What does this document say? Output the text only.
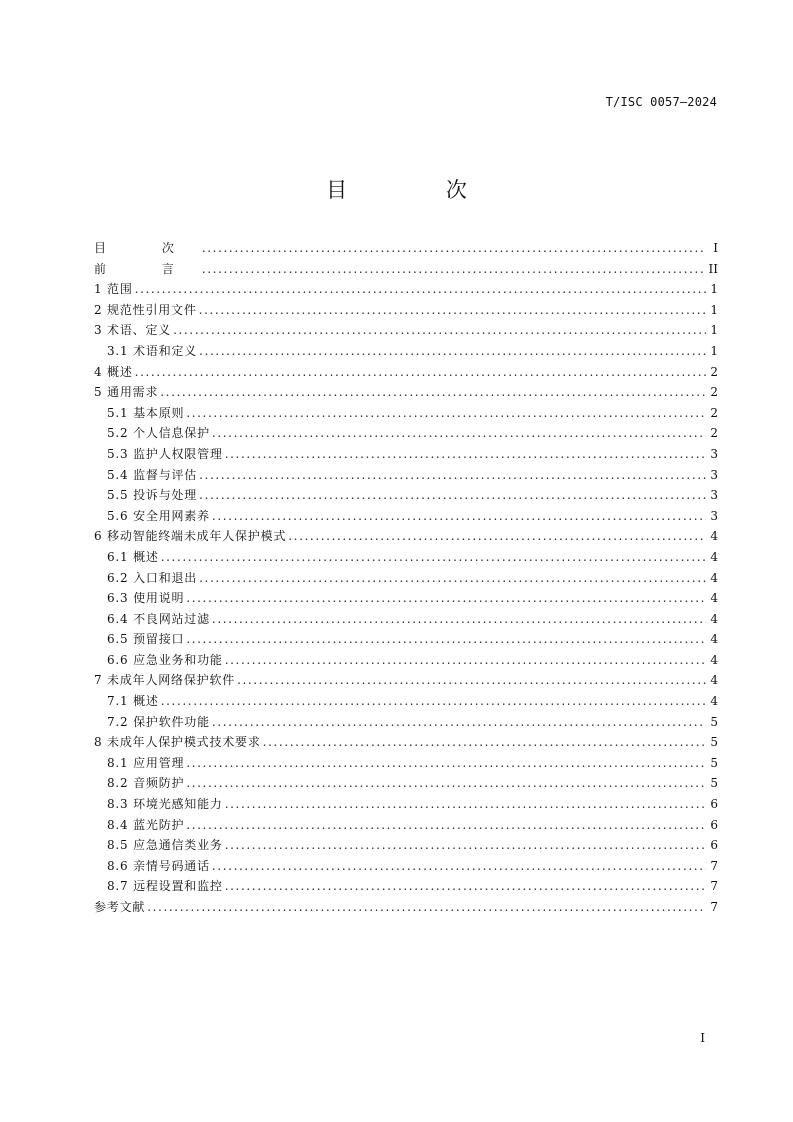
T/ISC 0057—2024
目 次
目 次 .....	I
前 言 .....	II
1 范围 .....	1
2 规范性引用文件 .....	1
3 术语、定义 .....	1
3.1 术语和定义 .....	1
4 概述 .....	2
5 通用需求 .....	2
5.1 基本原则 .....	2
5.2 个人信息保护 .....	2
5.3 监护人权限管理 .....	3
5.4 监督与评估 .....	3
5.5 投诉与处理 .....	3
5.6 安全用网素养 .....	3
6 移动智能终端未成年人保护模式 .....	4
6.1 概述 .....	4
6.2 入口和退出 .....	4
6.3 使用说明 .....	4
6.4 不良网站过滤 .....	4
6.5 预留接口 .....	4
6.6 应急业务和功能 .....	4
7 未成年人网络保护软件 .....	4
7.1 概述 .....	4
7.2 保护软件功能 .....	5
8 未成年人保护模式技术要求 .....	5
8.1 应用管理 .....	5
8.2 音频防护 .....	5
8.3 环境光感知能力 .....	6
8.4 蓝光防护 .....	6
8.5 应急通信类业务 .....	6
8.6 亲情号码通话 .....	7
8.7 远程设置和监控 .....	7
参考文献 .....	7
I
